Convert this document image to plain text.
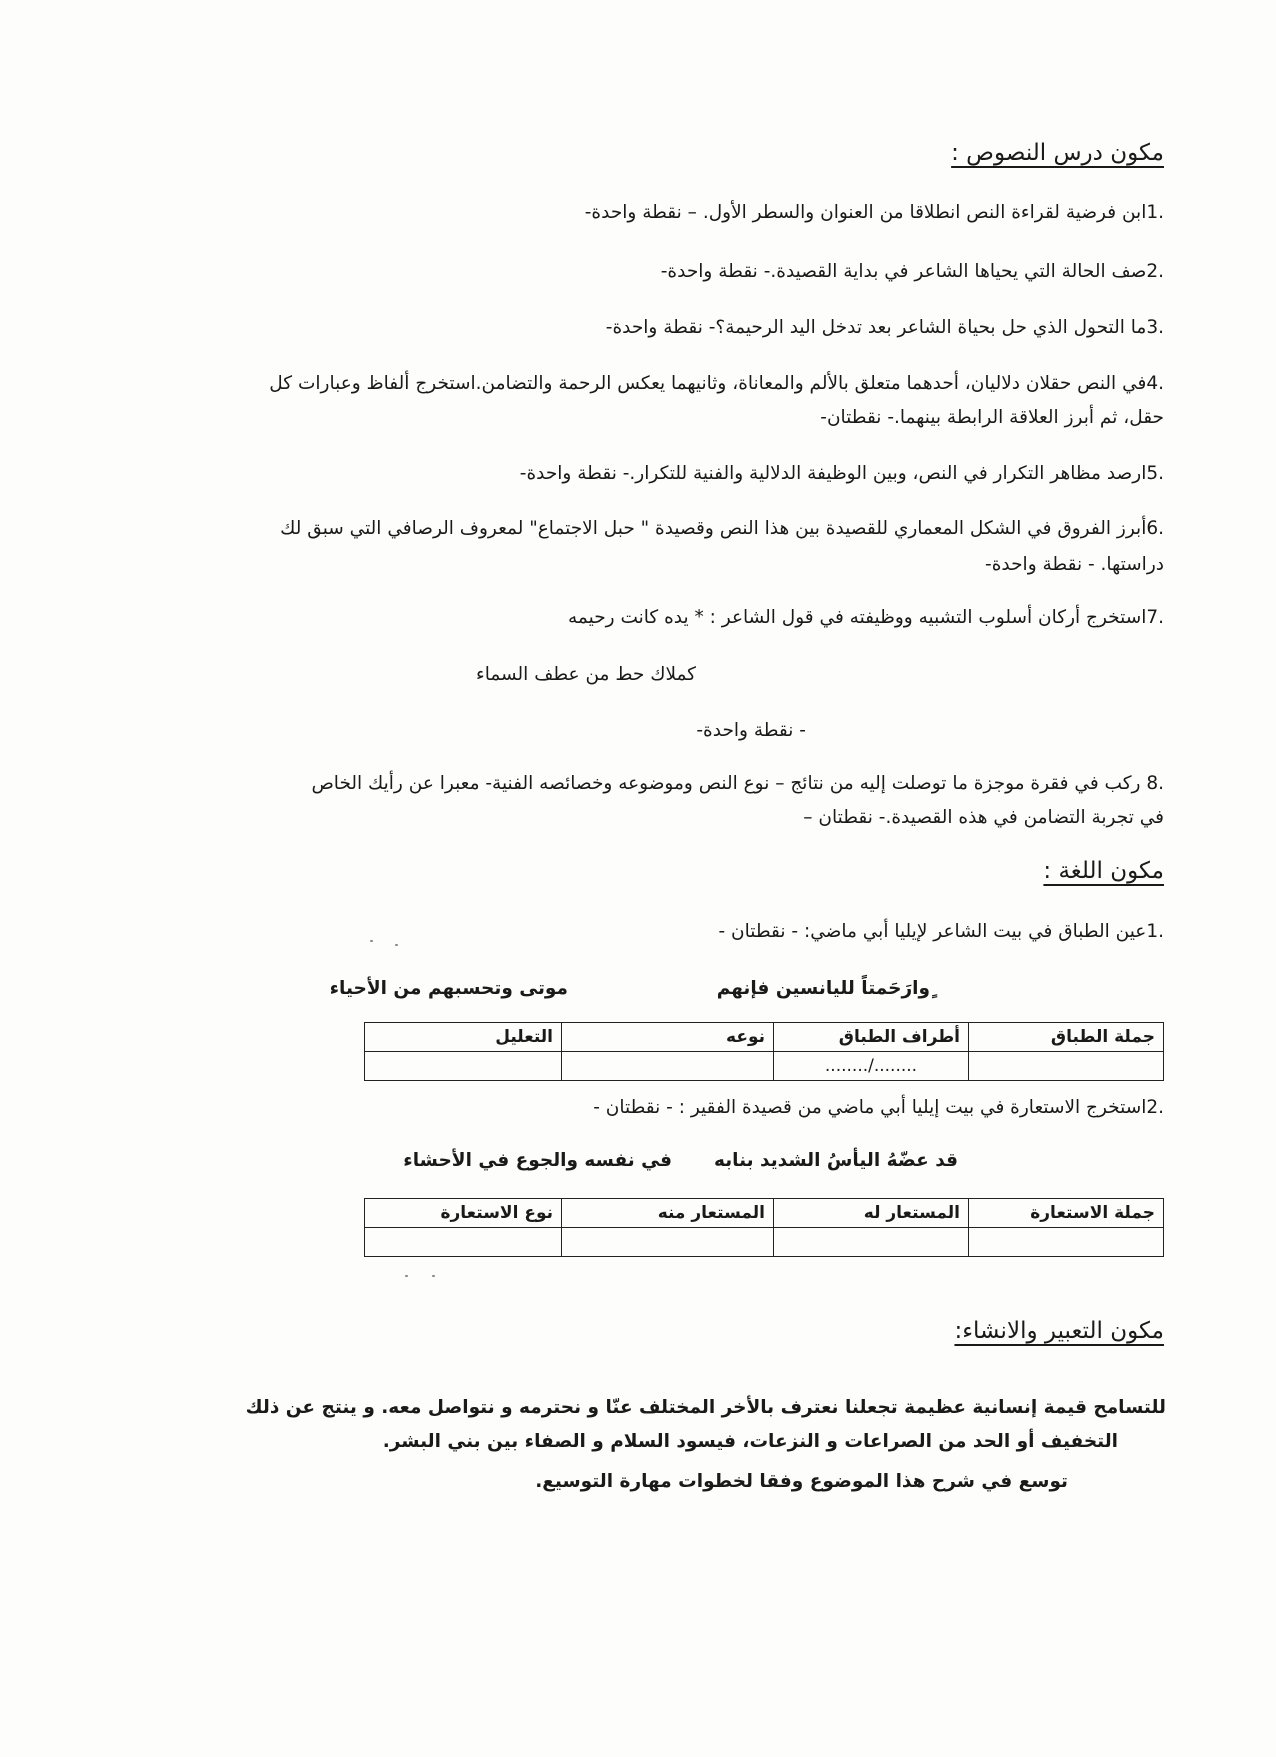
مكون درس النصوص :
1.ابن فرضية لقراءة النص انطلاقا من العنوان والسطر الأول. – نقطة واحدة-
2.صف الحالة التي يحياها الشاعر في بداية القصيدة.- نقطة واحدة-
3.ما التحول الذي حل بحياة الشاعر بعد تدخل اليد الرحيمة؟- نقطة واحدة-
4.في النص حقلان دلاليان، أحدهما متعلق بالألم والمعاناة، وثانيهما يعكس الرحمة والتضامن.استخرج ألفاظ وعبارات كل
حقل، ثم أبرز العلاقة الرابطة بينهما.- نقطتان-
5.ارصد مظاهر التكرار في النص، وبين الوظيفة الدلالية والفنية للتكرار.- نقطة واحدة-
6.أبرز الفروق في الشكل المعماري للقصيدة بين هذا النص وقصيدة " حبل الاجتماع" لمعروف الرصافي التي سبق لك
دراستها. - نقطة واحدة-
7.استخرج أركان أسلوب التشبيه ووظيفته في قول الشاعر : * يده كانت رحيمه
كملاك حط من عطف السماء
- نقطة واحدة-
8. ركب في فقرة موجزة ما توصلت إليه من نتائج – نوع النص وموضوعه وخصائصه الفنية- معبرا عن رأيك الخاص
في تجربة التضامن في هذه القصيدة.- نقطتان –
مكون اللغة :
1.عين الطباق في بيت الشاعر لإيليا أبي ماضي: - نقطتان -
ٍوارَحَمتاً لليانسين فإنهم
موتى وتحسبهم من الأحياء
جملة الطباق	أطراف الطباق	نوعه	التعليل
	......../........		
2.استخرج الاستعارة في بيت إيليا أبي ماضي من قصيدة الفقير : - نقطتان -
قد عضّهُ اليأسُ الشديد بنابه
في نفسه والجوع في الأحشاء
جملة الاستعارة	المستعار له	المستعار منه	نوع الاستعارة

مكون التعبير والانشاء:
للتسامح قيمة إنسانية عظيمة تجعلنا نعترف بالأخر المختلف عنّا و نحترمه و نتواصل معه. و ينتج عن ذلك
التخفيف أو الحد من الصراعات و النزعات، فيسود السلام و الصفاء بين بني البشر.
توسع في شرح هذا الموضوع وفقا لخطوات مهارة التوسيع.
